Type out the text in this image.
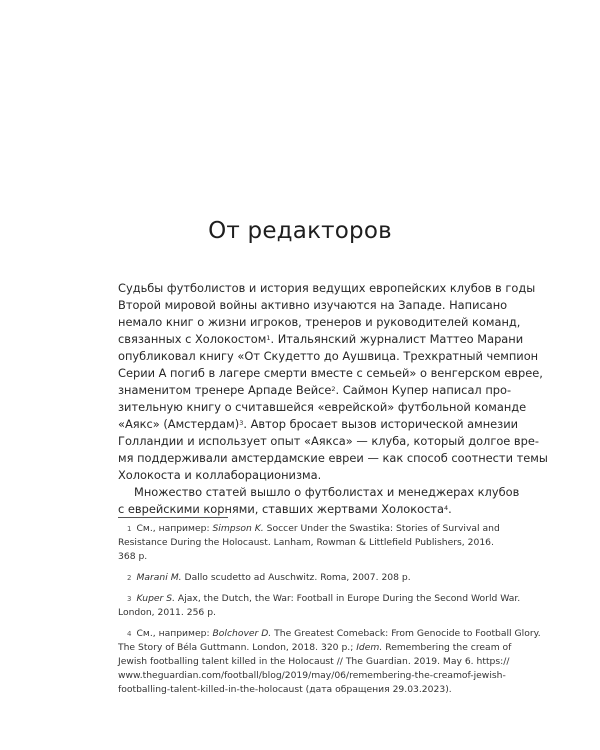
От редакторов
Судьбы футболистов и история ведущих европейских клубов в годы
Второй мировой войны активно изучаются на Западе. Написано
немало книг о жизни игроков, тренеров и руководителей команд,
связанных с Холокостом$^1$. Итальянский журналист Маттео Марани
опубликовал книгу «От Скудетто до Аушвица. Трехкратный чемпион
Серии А погиб в лагере смерти вместе с семьей» о венгерском еврее,
знаменитом тренере Арпаде Вейсе$^2$. Саймон Купер написал про-
зительную книгу о считавшейся «еврейской» футбольной команде
«Аякс» (Амстердам)$^3$. Автор бросает вызов исторической амнезии
Голландии и использует опыт «Аякса» — клуба, который долгое вре-
мя поддерживали амстердамские евреи — как способ соотнести темы
Холокоста и коллаборационизма.
Множество статей вышло о футболистах и менеджерах клубов
с еврейскими корнями, ставших жертвами Холокоста$^4$.
$^1$ См., например: Simpson K. Soccer Under the Swastika: Stories of Survival and
Resistance During the Holocaust. Lanham, Rowman & Littlefield Publishers, 2016.
368 p.
$^2$ Marani M. Dallo scudetto ad Auschwitz. Roma, 2007. 208 p.
$^3$ Kuper S. Ajax, the Dutch, the War: Football in Europe During the Second World War.
London, 2011. 256 p.
$^4$ См., например: Bolchover D. The Greatest Comeback: From Genocide to Football Glory.
The Story of Béla Guttmann. London, 2018. 320 p.; Idem. Remembering the cream of
Jewish footballing talent killed in the Holocaust // The Guardian. 2019. May 6. https://
www.theguardian.com/football/blog/2019/may/06/remembering-the-creamof-jewish-
footballing-talent-killed-in-the-holocaust (дата обращения 29.03.2023).
